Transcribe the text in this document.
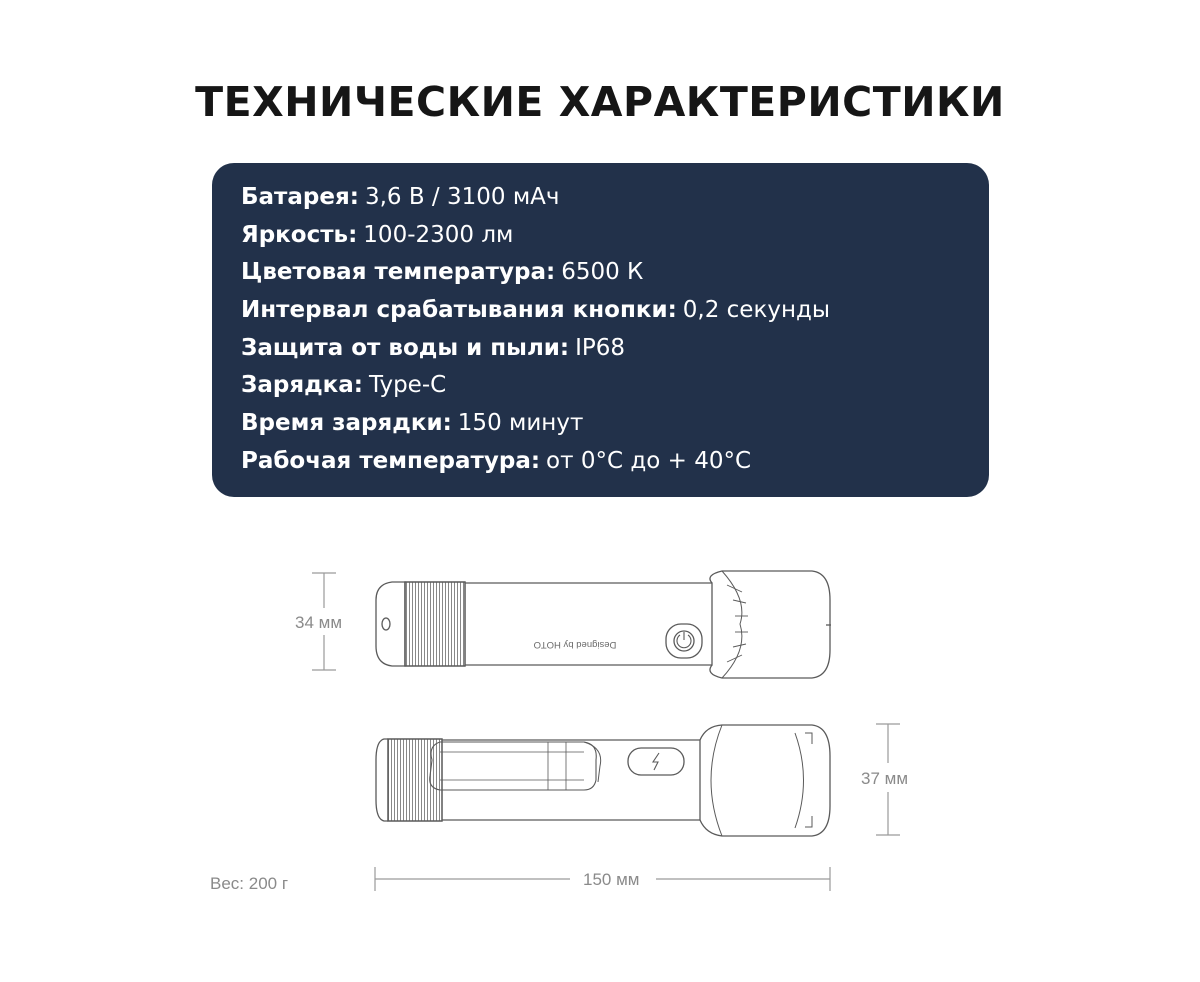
ТЕХНИЧЕСКИЕ ХАРАКТЕРИСТИКИ
Батарея: 3,6 В / 3100 мАч
Яркость: 100-2300 лм
Цветовая температура: 6500 К
Интервал срабатывания кнопки: 0,2 секунды
Защита от воды и пыли: IP68
Зарядка: Type-C
Время зарядки: 150 минут
Рабочая температура: от 0°C до + 40°C
Designed by HOTO
34 мм
37 мм
150 мм
Вес: 200 г
